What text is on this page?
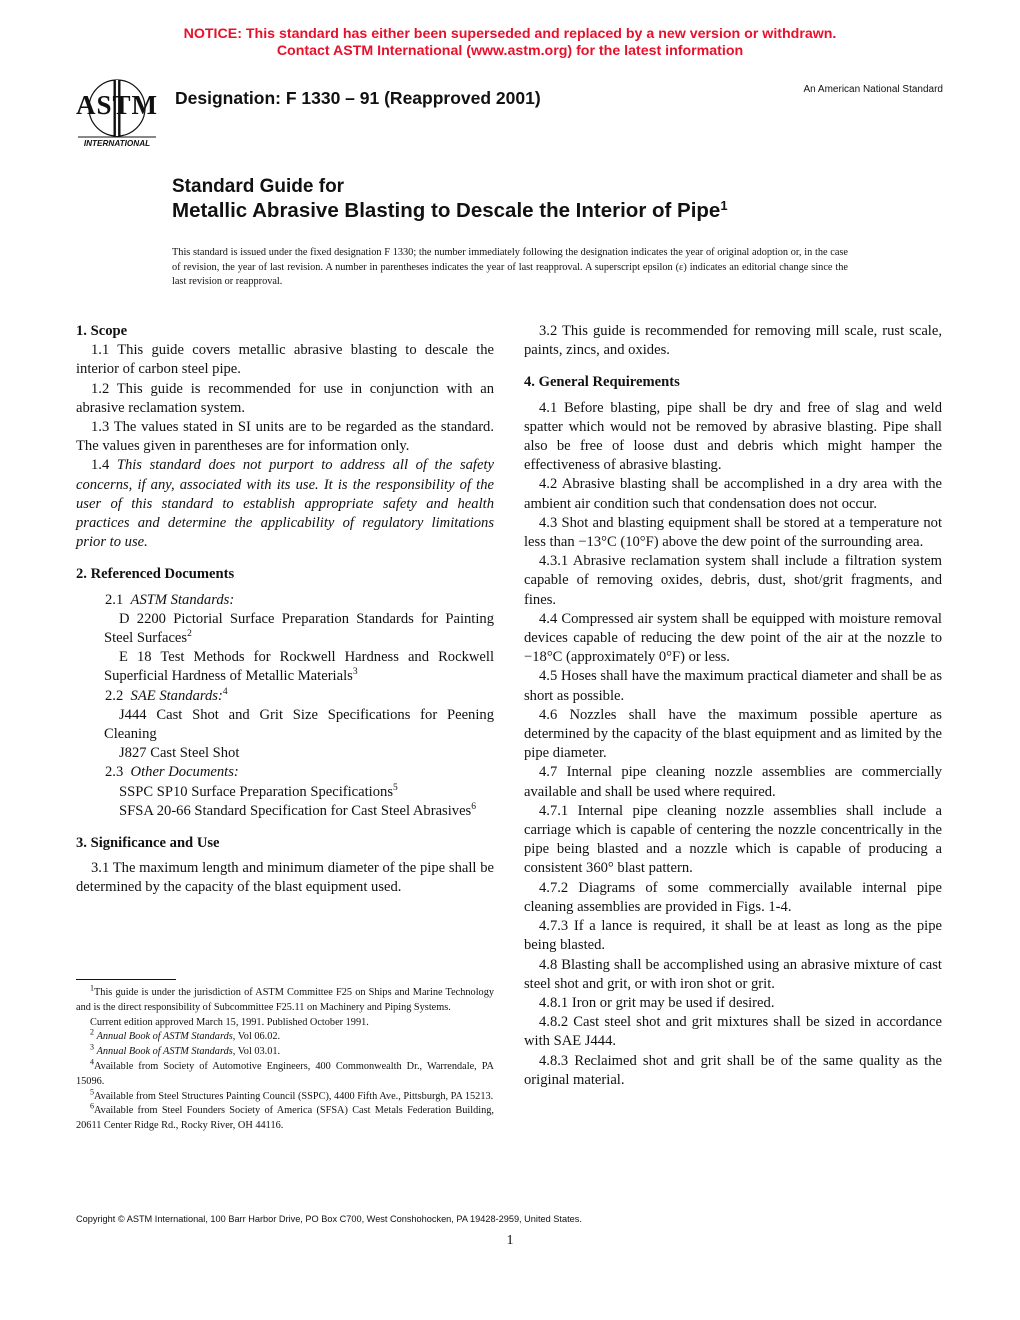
NOTICE: This standard has either been superseded and replaced by a new version or withdrawn.
Contact ASTM International (www.astm.org) for the latest information
ASTM
INTERNATIONAL
Designation: F 1330 – 91 (Reapproved 2001)	An American National Standard
Standard Guide for
Metallic Abrasive Blasting to Descale the Interior of Pipe$^1$
This standard is issued under the fixed designation F 1330; the number immediately following the designation indicates the year of original adoption or, in the case of revision, the year of last revision. A number in parentheses indicates the year of last reapproval. A superscript epsilon (ε) indicates an editorial change since the last revision or reapproval.
1. Scope

1.1 This guide covers metallic abrasive blasting to descale the interior of carbon steel pipe.

1.2 This guide is recommended for use in conjunction with an abrasive reclamation system.

1.3 The values stated in SI units are to be regarded as the standard. The values given in parentheses are for information only.

1.4 This standard does not purport to address all of the safety concerns, if any, associated with its use. It is the responsibility of the user of this standard to establish appropriate safety and health practices and determine the applicability of regulatory limitations prior to use.

2. Referenced Documents

2.1 ASTM Standards:

D 2200 Pictorial Surface Preparation Standards for Painting Steel Surfaces$^2$

E 18 Test Methods for Rockwell Hardness and Rockwell Superficial Hardness of Metallic Materials$^3$

2.2 SAE Standards:$^4$

J444 Cast Shot and Grit Size Specifications for Peening Cleaning

J827 Cast Steel Shot

2.3 Other Documents:

SSPC SP10 Surface Preparation Specifications$^5$

SFSA 20-66 Standard Specification for Cast Steel Abrasives$^6$

3. Significance and Use

3.1 The maximum length and minimum diameter of the pipe shall be determined by the capacity of the blast equipment used.

3.2 This guide is recommended for removing mill scale, rust scale, paints, zincs, and oxides.

4. General Requirements

4.1 Before blasting, pipe shall be dry and free of slag and weld spatter which would not be removed by abrasive blasting. Pipe shall also be free of loose dust and debris which might hamper the effectiveness of abrasive blasting.

4.2 Abrasive blasting shall be accomplished in a dry area with the ambient air condition such that condensation does not occur.

4.3 Shot and blasting equipment shall be stored at a temperature not less than −13°C (10°F) above the dew point of the surrounding area.

4.3.1 Abrasive reclamation system shall include a filtration system capable of removing oxides, debris, dust, shot/grit fragments, and fines.

4.4 Compressed air system shall be equipped with moisture removal devices capable of reducing the dew point of the air at the nozzle to −18°C (approximately 0°F) or less.

4.5 Hoses shall have the maximum practical diameter and shall be as short as possible.

4.6 Nozzles shall have the maximum possible aperture as determined by the capacity of the blast equipment and as limited by the pipe diameter.

4.7 Internal pipe cleaning nozzle assemblies are commercially available and shall be used where required.

4.7.1 Internal pipe cleaning nozzle assemblies shall include a carriage which is capable of centering the nozzle concentrically in the pipe being blasted and a nozzle which is capable of producing a consistent 360° blast pattern.

4.7.2 Diagrams of some commercially available internal pipe cleaning assemblies are provided in Figs. 1-4.

4.7.3 If a lance is required, it shall be at least as long as the pipe being blasted.

4.8 Blasting shall be accomplished using an abrasive mixture of cast steel shot and grit, or with iron shot or grit.

4.8.1 Iron or grit may be used if desired.

4.8.2 Cast steel shot and grit mixtures shall be sized in accordance with SAE J444.

4.8.3 Reclaimed shot and grit shall be of the same quality as the original material.

$^1$This guide is under the jurisdiction of ASTM Committee F25 on Ships and Marine Technology and is the direct responsibility of Subcommittee F25.11 on Machinery and Piping Systems.

Current edition approved March 15, 1991. Published October 1991.

$^2$ Annual Book of ASTM Standards, Vol 06.02.

$^3$ Annual Book of ASTM Standards, Vol 03.01.

$^4$Available from Society of Automotive Engineers, 400 Commonwealth Dr., Warrendale, PA 15096.

$^5$Available from Steel Structures Painting Council (SSPC), 4400 Fifth Ave., Pittsburgh, PA 15213.

$^6$Available from Steel Founders Society of America (SFSA) Cast Metals Federation Building, 20611 Center Ridge Rd., Rocky River, OH 44116.

Copyright © ASTM International, 100 Barr Harbor Drive, PO Box C700, West Conshohocken, PA 19428-2959, United States.
1
